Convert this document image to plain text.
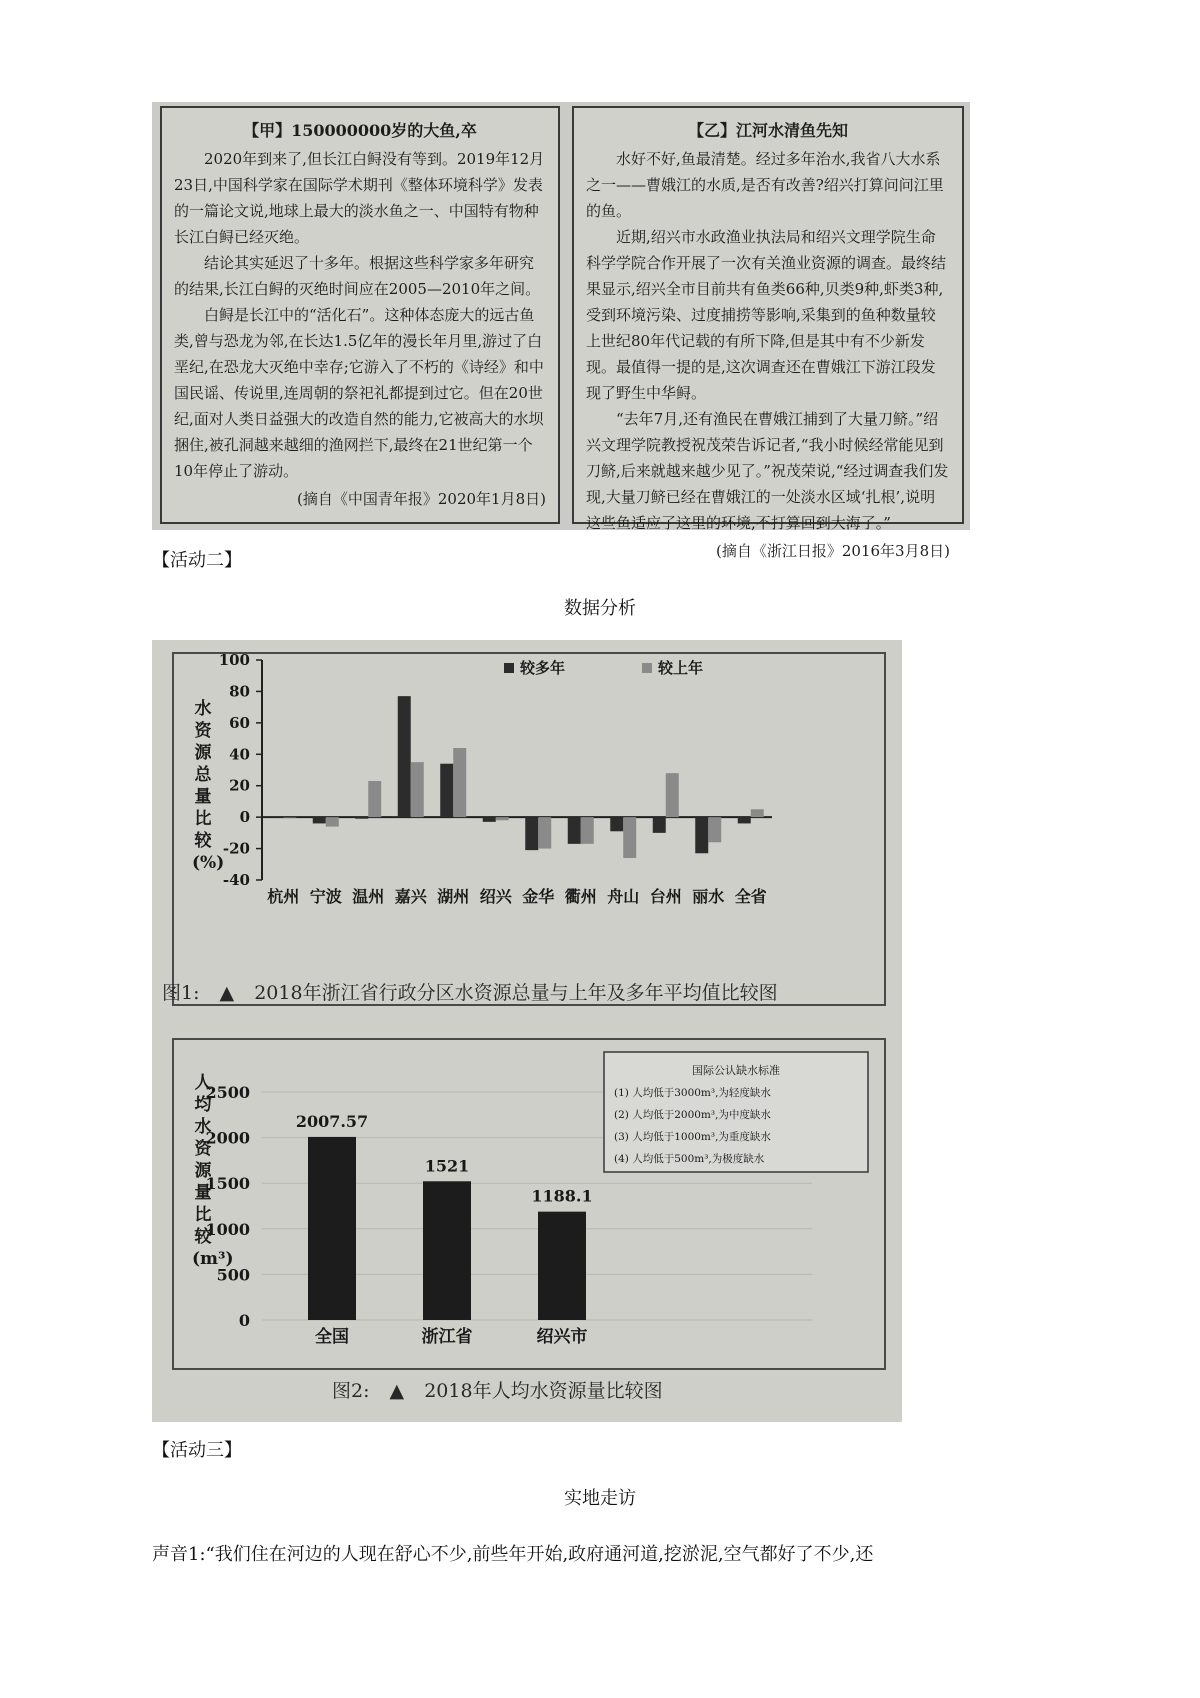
【甲】150000000岁的大鱼,卒

2020年到来了,但长江白鲟没有等到。2019年12月23日,中国科学家在国际学术期刊《整体环境科学》发表的一篇论文说,地球上最大的淡水鱼之一、中国特有物种长江白鲟已经灭绝。

结论其实延迟了十多年。根据这些科学家多年研究的结果,长江白鲟的灭绝时间应在2005—2010年之间。

白鲟是长江中的“活化石”。这种体态庞大的远古鱼类,曾与恐龙为邻,在长达1.5亿年的漫长年月里,游过了白垩纪,在恐龙大灭绝中幸存;它游入了不朽的《诗经》和中国民谣、传说里,连周朝的祭祀礼都提到过它。但在20世纪,面对人类日益强大的改造自然的能力,它被高大的水坝捆住,被孔洞越来越细的渔网拦下,最终在21世纪第一个10年停止了游动。

(摘自《中国青年报》2020年1月8日)
【乙】江河水清鱼先知

水好不好,鱼最清楚。经过多年治水,我省八大水系之一——曹娥江的水质,是否有改善?绍兴打算问问江里的鱼。

近期,绍兴市水政渔业执法局和绍兴文理学院生命科学学院合作开展了一次有关渔业资源的调查。最终结果显示,绍兴全市目前共有鱼类66种,贝类9种,虾类3种,受到环境污染、过度捕捞等影响,采集到的鱼种数量较上世纪80年代记载的有所下降,但是其中有不少新发现。最值得一提的是,这次调查还在曹娥江下游江段发现了野生中华鲟。

“去年7月,还有渔民在曹娥江捕到了大量刀鲚。”绍兴文理学院教授祝茂荣告诉记者,“我小时候经常能见到刀鲚,后来就越来越少见了。”祝茂荣说,“经过调查我们发现,大量刀鲚已经在曹娥江的一处淡水区域‘扎根’,说明这些鱼适应了这里的环境,不打算回到大海了。”

(摘自《浙江日报》2016年3月8日)
【活动二】
数据分析
100
80
60
40
20
0
-20
-40
杭州 宁波 温州 嘉兴 湖州 绍兴 金华 衢州 舟山 台州 丽水 全省
较多年	较上年
水
资
源
总
量
比
较
(%)
图1: ▲ 2018年浙江省行政分区水资源总量与上年及多年平均值比较图
2500
2000
1500
1000
500
0
2007.57
全国
1521
浙江省
1188.1
绍兴市
国际公认缺水标准
(1) 人均低于3000m³,为轻度缺水
(2) 人均低于2000m³,为中度缺水
(3) 人均低于1000m³,为重度缺水
(4) 人均低于500m³,为极度缺水
人
均
水
资
源
量
比
较
(m³)
图2: ▲ 2018年人均水资源量比较图
【活动三】
实地走访
声音1:“我们住在河边的人现在舒心不少,前些年开始,政府通河道,挖淤泥,空气都好了不少,还
